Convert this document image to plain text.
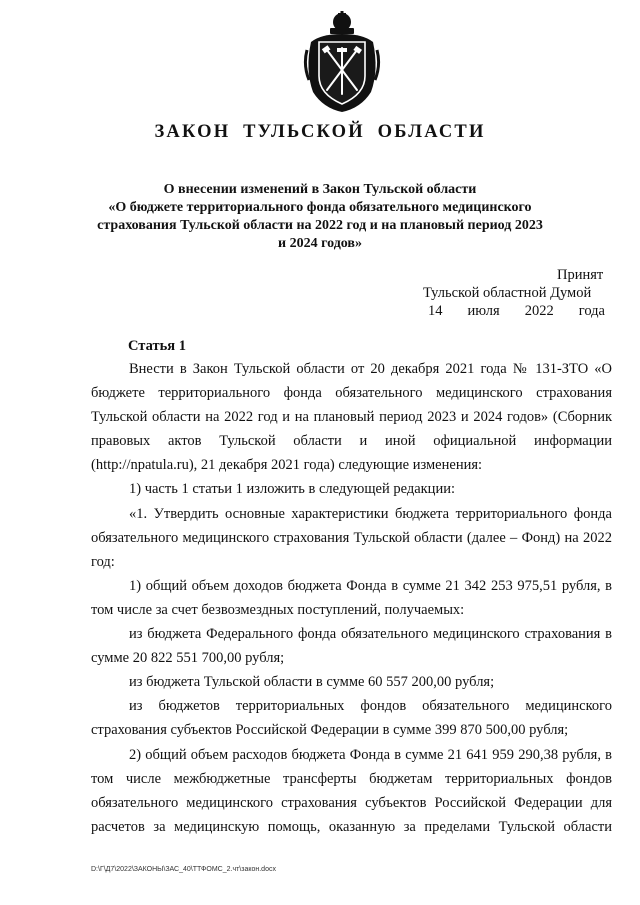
ЗАКОН ТУЛЬСКОЙ ОБЛАСТИ
О внесении изменений в Закон Тульской области
«О бюджете территориального фонда обязательного медицинского
страхования Тульской области на 2022 год и на плановый период 2023
и 2024 годов»
Принят
Тульской областной Думой
14 июля 2022 года
Статья 1

Внести в Закон Тульской области от 20 декабря 2021 года № 131-ЗТО «О бюджете территориального фонда обязательного медицинского страхования Тульской области на 2022 год и на плановый период 2023 и 2024 годов» (Сборник правовых актов Тульской области и иной официальной информации (http://npatula.ru), 21 декабря 2021 года) следующие изменения:

1) часть 1 статьи 1 изложить в следующей редакции:

«1. Утвердить основные характеристики бюджета территориального фонда обязательного медицинского страхования Тульской области (далее – Фонд) на 2022 год:

1) общий объем доходов бюджета Фонда в сумме 21 342 253 975,51 рубля, в том числе за счет безвозмездных поступлений, получаемых:

из бюджета Федерального фонда обязательного медицинского страхования в сумме 20 822 551 700,00 рубля;

из бюджета Тульской области в сумме 60 557 200,00 рубля;

из бюджетов территориальных фондов обязательного медицинского страхования субъектов Российской Федерации в сумме 399 870 500,00 рубля;

2) общий объем расходов бюджета Фонда в сумме 21 641 959 290,38 рубля, в том числе межбюджетные трансферты бюджетам территориальных фондов обязательного медицинского страхования субъектов Российской Федерации для расчетов за медицинскую помощь, оказанную за пределами Тульской области

D:\Г\Д7\2022\ЗАКОНЫ\ЗАС_40\ТТФОМС_2.чт\закон.docx
